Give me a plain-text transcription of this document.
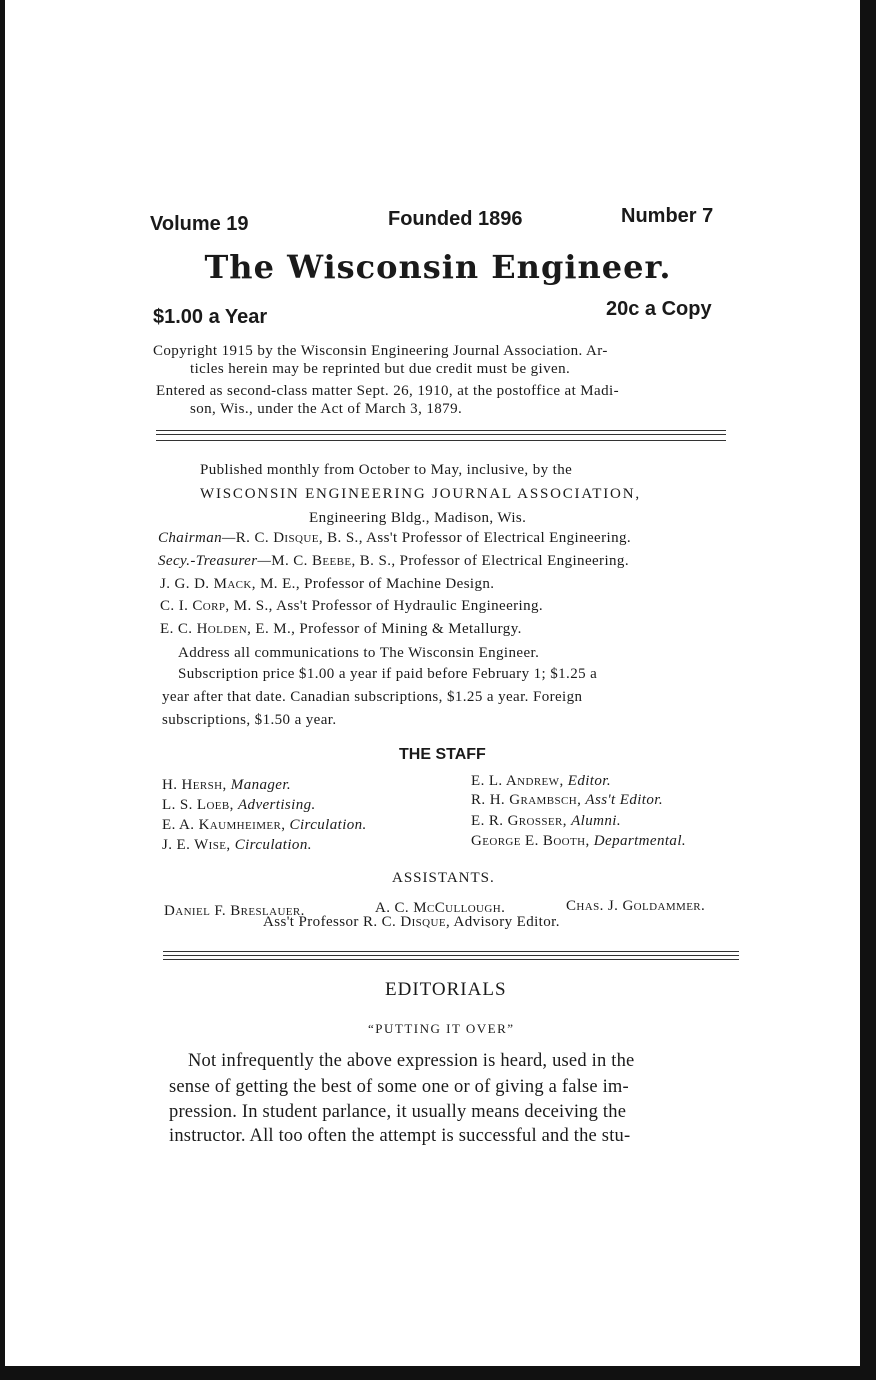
Volume 19	Founded 1896	Number 7
The Wisconsin Engineer.
$1.00 a Year	20c a Copy
Copyright 1915 by the Wisconsin Engineering Journal Association. Ar-
ticles herein may be reprinted but due credit must be given.
Entered as second-class matter Sept. 26, 1910, at the postoffice at Madi-
son, Wis., under the Act of March 3, 1879.
Published monthly from October to May, inclusive, by the
WISCONSIN ENGINEERING JOURNAL ASSOCIATION,
Engineering Bldg., Madison, Wis.
Chairman—R. C. Disque, B. S., Ass't Professor of Electrical Engineering.
Secy.-Treasurer—M. C. Beebe, B. S., Professor of Electrical Engineering.
J. G. D. Mack, M. E., Professor of Machine Design.
C. I. Corp, M. S., Ass't Professor of Hydraulic Engineering.
E. C. Holden, E. M., Professor of Mining & Metallurgy.
Address all communications to The Wisconsin Engineer.
Subscription price $1.00 a year if paid before February 1; $1.25 a
year after that date. Canadian subscriptions, $1.25 a year. Foreign
subscriptions, $1.50 a year.
THE STAFF
H. Hersh, Manager.
L. S. Loeb, Advertising.
E. A. Kaumheimer, Circulation.
J. E. Wise, Circulation.
E. L. Andrew, Editor.
R. H. Grambsch, Ass't Editor.
E. R. Grosser, Alumni.
George E. Booth, Departmental.
ASSISTANTS.
Daniel F. Breslauer.	A. C. McCullough.	Chas. J. Goldammer.
Ass't Professor R. C. Disque, Advisory Editor.
EDITORIALS
“PUTTING IT OVER”
Not infrequently the above expression is heard, used in the
sense of getting the best of some one or of giving a false im-
pression. In student parlance, it usually means deceiving the
instructor. All too often the attempt is successful and the stu-
